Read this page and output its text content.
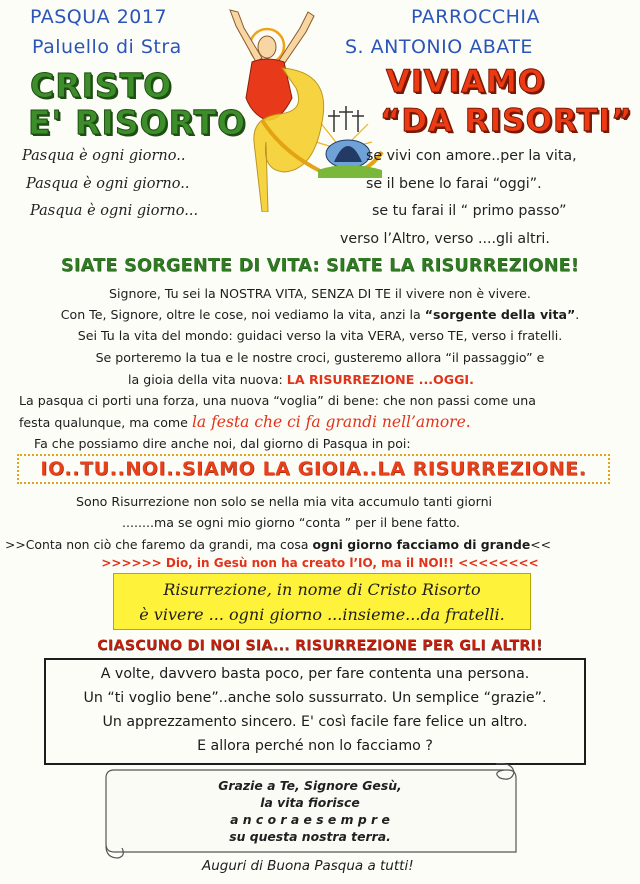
PASQUA 2017
Paluello di Stra
PARROCCHIA
S. ANTONIO ABATE
CRISTO
E' RISORTO
VIVIAMO
“DA RISORTI”
Pasqua è ogni giorno..
Pasqua è ogni giorno..
Pasqua è ogni giorno...
se vivi con amore..per la vita,
se il bene lo farai “oggi”.
se tu farai il “ primo passo”
verso l’Altro, verso ....gli altri.
SIATE SORGENTE DI VITA: SIATE LA RISURREZIONE!
Signore, Tu sei la NOSTRA VITA, SENZA DI TE il vivere non è vivere.
Con Te, Signore, oltre le cose, noi vediamo la vita, anzi la “sorgente della vita”.
Sei Tu la vita del mondo: guidaci verso la vita VERA, verso TE, verso i fratelli.
Se porteremo la tua e le nostre croci, gusteremo allora “il passaggio” e
la gioia della vita nuova: LA RISURREZIONE ...OGGI.
La pasqua ci porti una forza, una nuova “voglia” di bene: che non passi come una
festa qualunque, ma come la festa che ci fa grandi nell’amore.
Fa che possiamo dire anche noi, dal giorno di Pasqua in poi:
IO..TU..NOI..SIAMO LA GIOIA..LA RISURREZIONE.
Sono Risurrezione non solo se nella mia vita accumulo tanti giorni
........ma se ogni mio giorno “conta ” per il bene fatto.
>>Conta non ciò che faremo da grandi, ma cosa ogni giorno facciamo di grande<<
>>>>>> Dio, in Gesù non ha creato l’IO, ma il NOI!! <<<<<<<<
Risurrezione, in nome di Cristo Risorto
è vivere ... ogni giorno ...insieme...da fratelli.
CIASCUNO DI NOI SIA... RISURREZIONE PER GLI ALTRI!
A volte, davvero basta poco, per fare contenta una persona.
Un “ti voglio bene”..anche solo sussurrato. Un semplice “grazie”.
Un apprezzamento sincero. E' così facile fare felice un altro.
E allora perché non lo facciamo ?
Grazie a Te, Signore Gesù,
la vita fiorisce
a n c o r a e s e m p r e
su questa nostra terra.
Auguri di Buona Pasqua a tutti!
